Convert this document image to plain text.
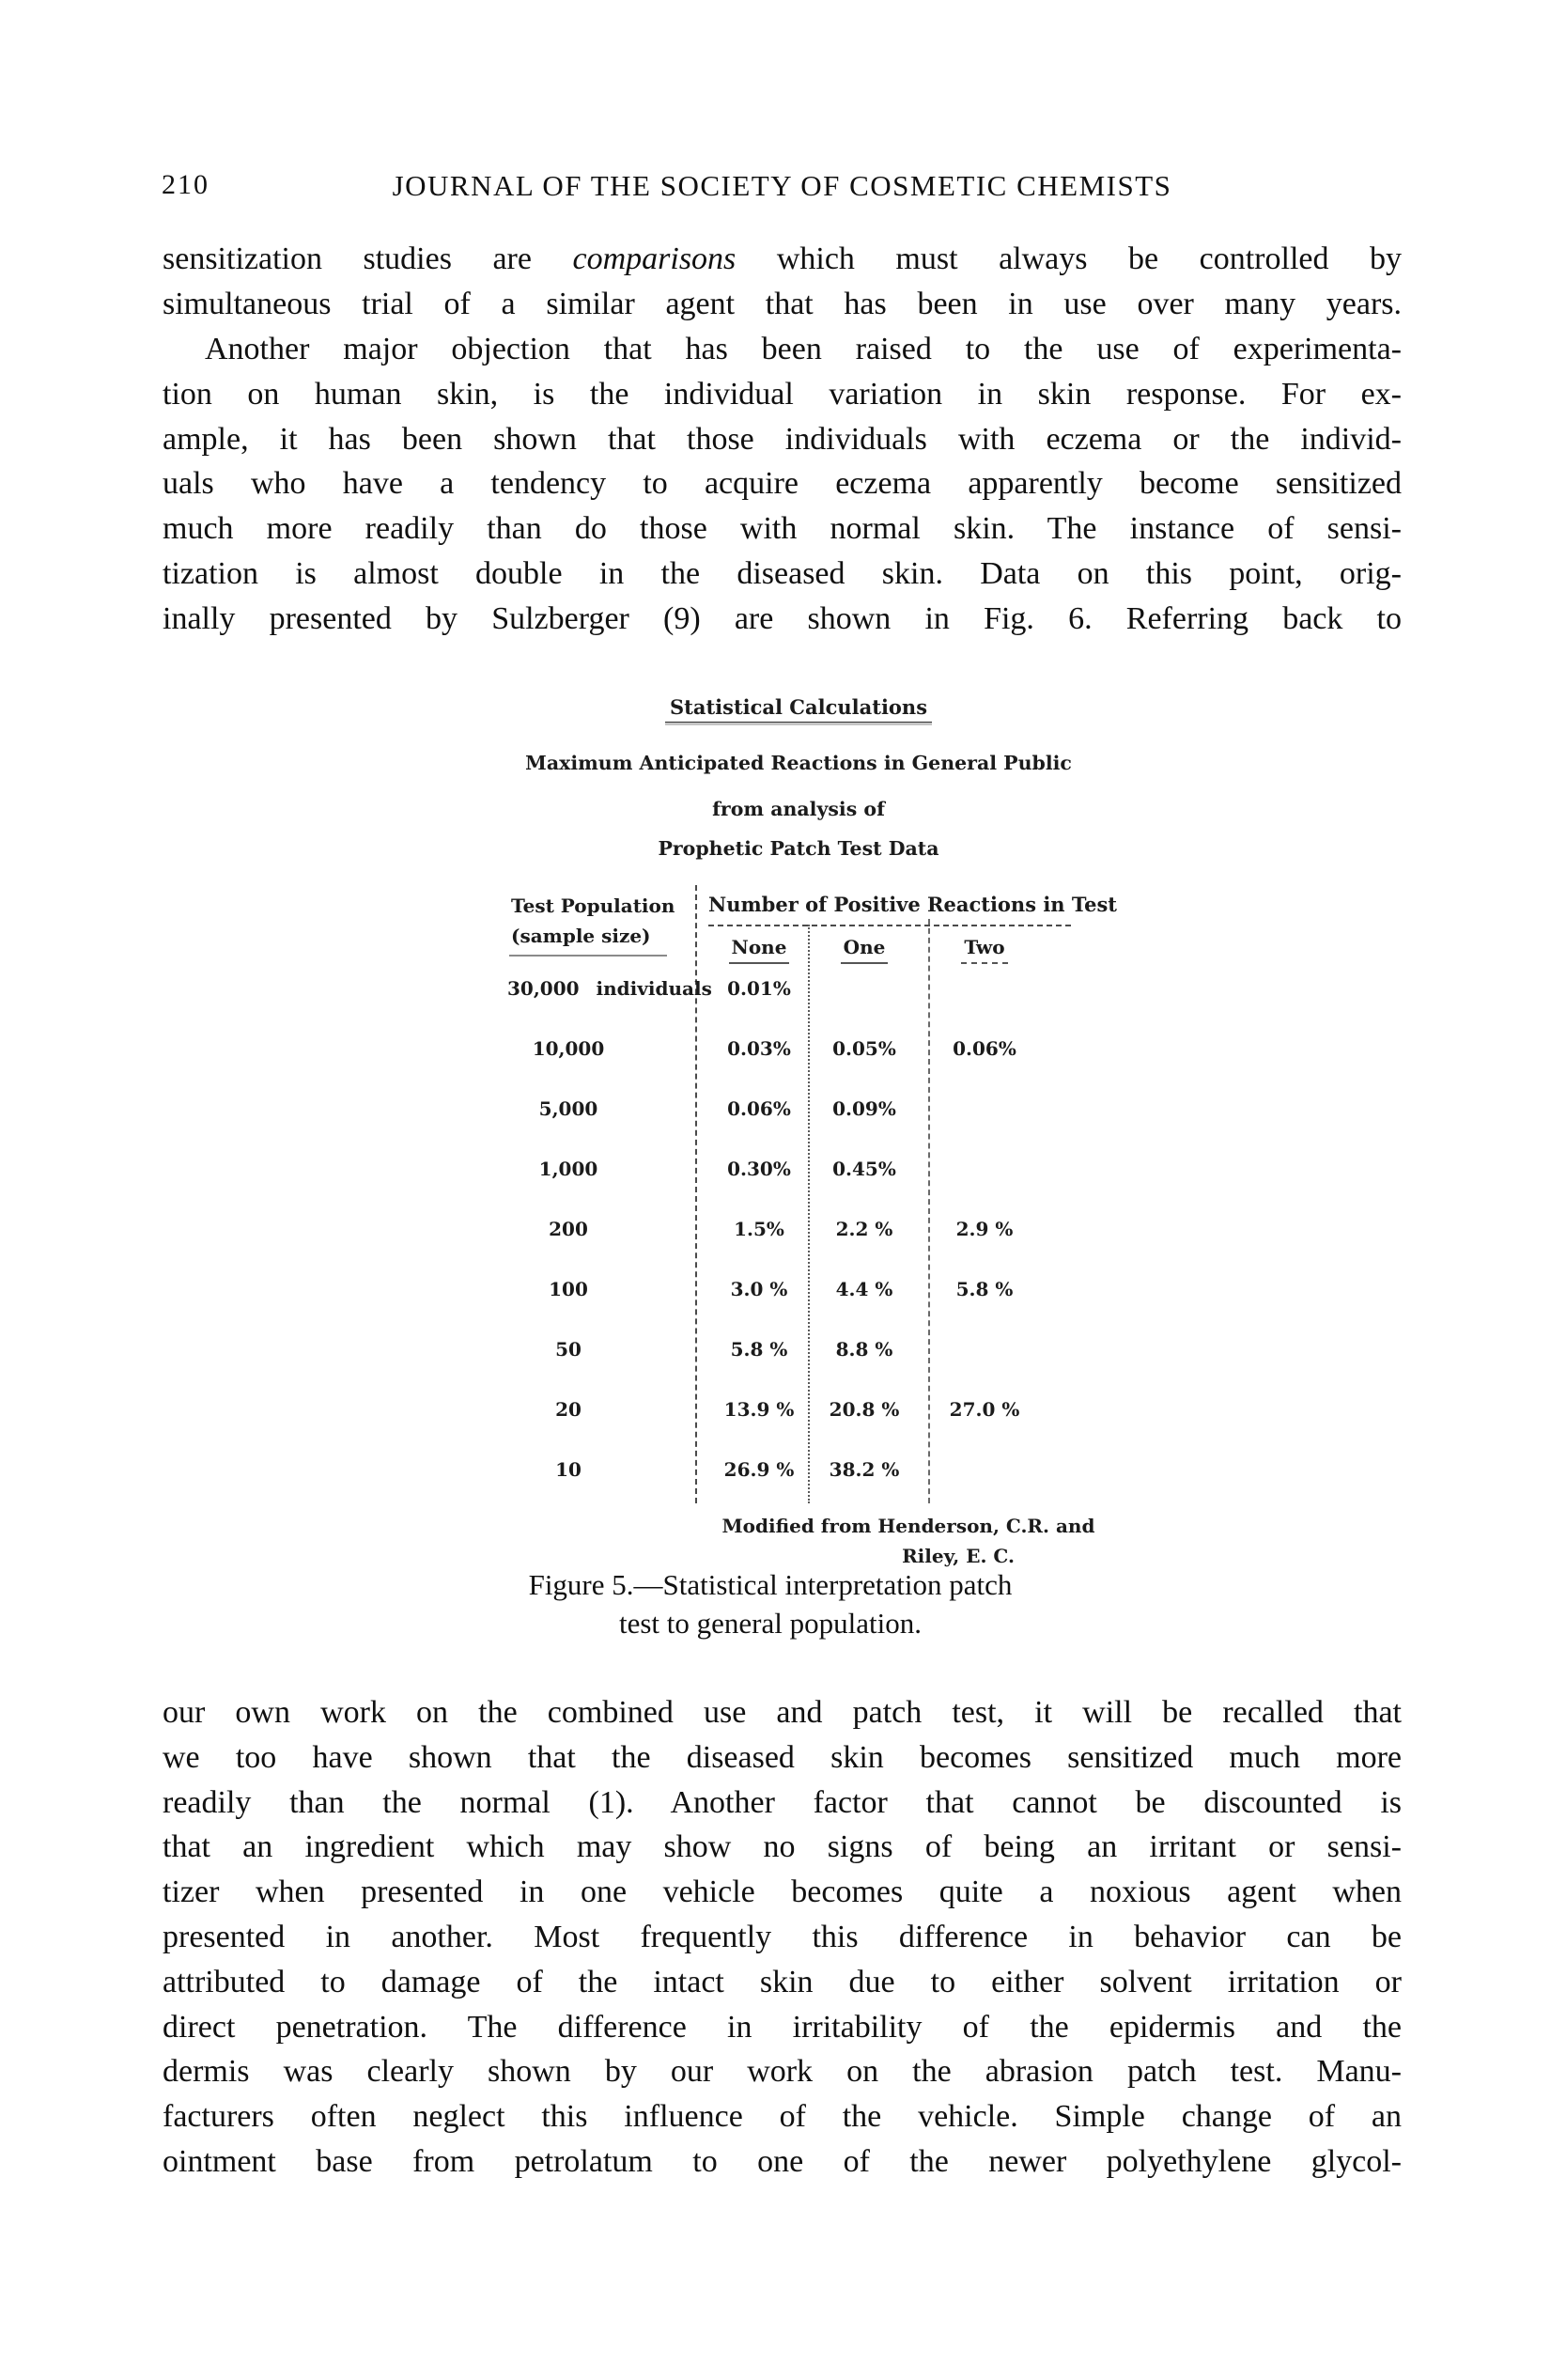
210	JOURNAL OF THE SOCIETY OF COSMETIC CHEMISTS
sensitization studies are comparisons which must always be controlled by
simultaneous trial of a similar agent that has been in use over many years.
Another major objection that has been raised to the use of experimenta-
tion on human skin, is the individual variation in skin response. For ex-
ample, it has been shown that those individuals with eczema or the individ-
uals who have a tendency to acquire eczema apparently become sensitized
much more readily than do those with normal skin. The instance of sensi-
tization is almost double in the diseased skin. Data on this point, orig-
inally presented by Sulzberger (9) are shown in Fig. 6. Referring back to
Statistical Calculations
Maximum Anticipated Reactions in General Public
from analysis of
Prophetic Patch Test Data
Test Population
(sample size)
Number of Positive Reactions in Test
None	One	Two
30,000 individuals 0.01%
10,000	0.03%	0.05%	0.06%
5,000	0.06%	0.09%
1,000	0.30%	0.45%
200	1.5%	2.2 %	2.9 %
100	3.0 %	4.4 %	5.8 %
50	5.8 %	8.8 %
20	13.9 %	20.8 %	27.0 %
10	26.9 %	38.2 %
Modified from Henderson, C.R. and
Riley, E. C.
Figure 5.—Statistical interpretation patch
test to general population.
our own work on the combined use and patch test, it will be recalled that
we too have shown that the diseased skin becomes sensitized much more
readily than the normal (1). Another factor that cannot be discounted is
that an ingredient which may show no signs of being an irritant or sensi-
tizer when presented in one vehicle becomes quite a noxious agent when
presented in another. Most frequently this difference in behavior can be
attributed to damage of the intact skin due to either solvent irritation or
direct penetration. The difference in irritability of the epidermis and the
dermis was clearly shown by our work on the abrasion patch test. Manu-
facturers often neglect this influence of the vehicle. Simple change of an
ointment base from petrolatum to one of the newer polyethylene glycol-
